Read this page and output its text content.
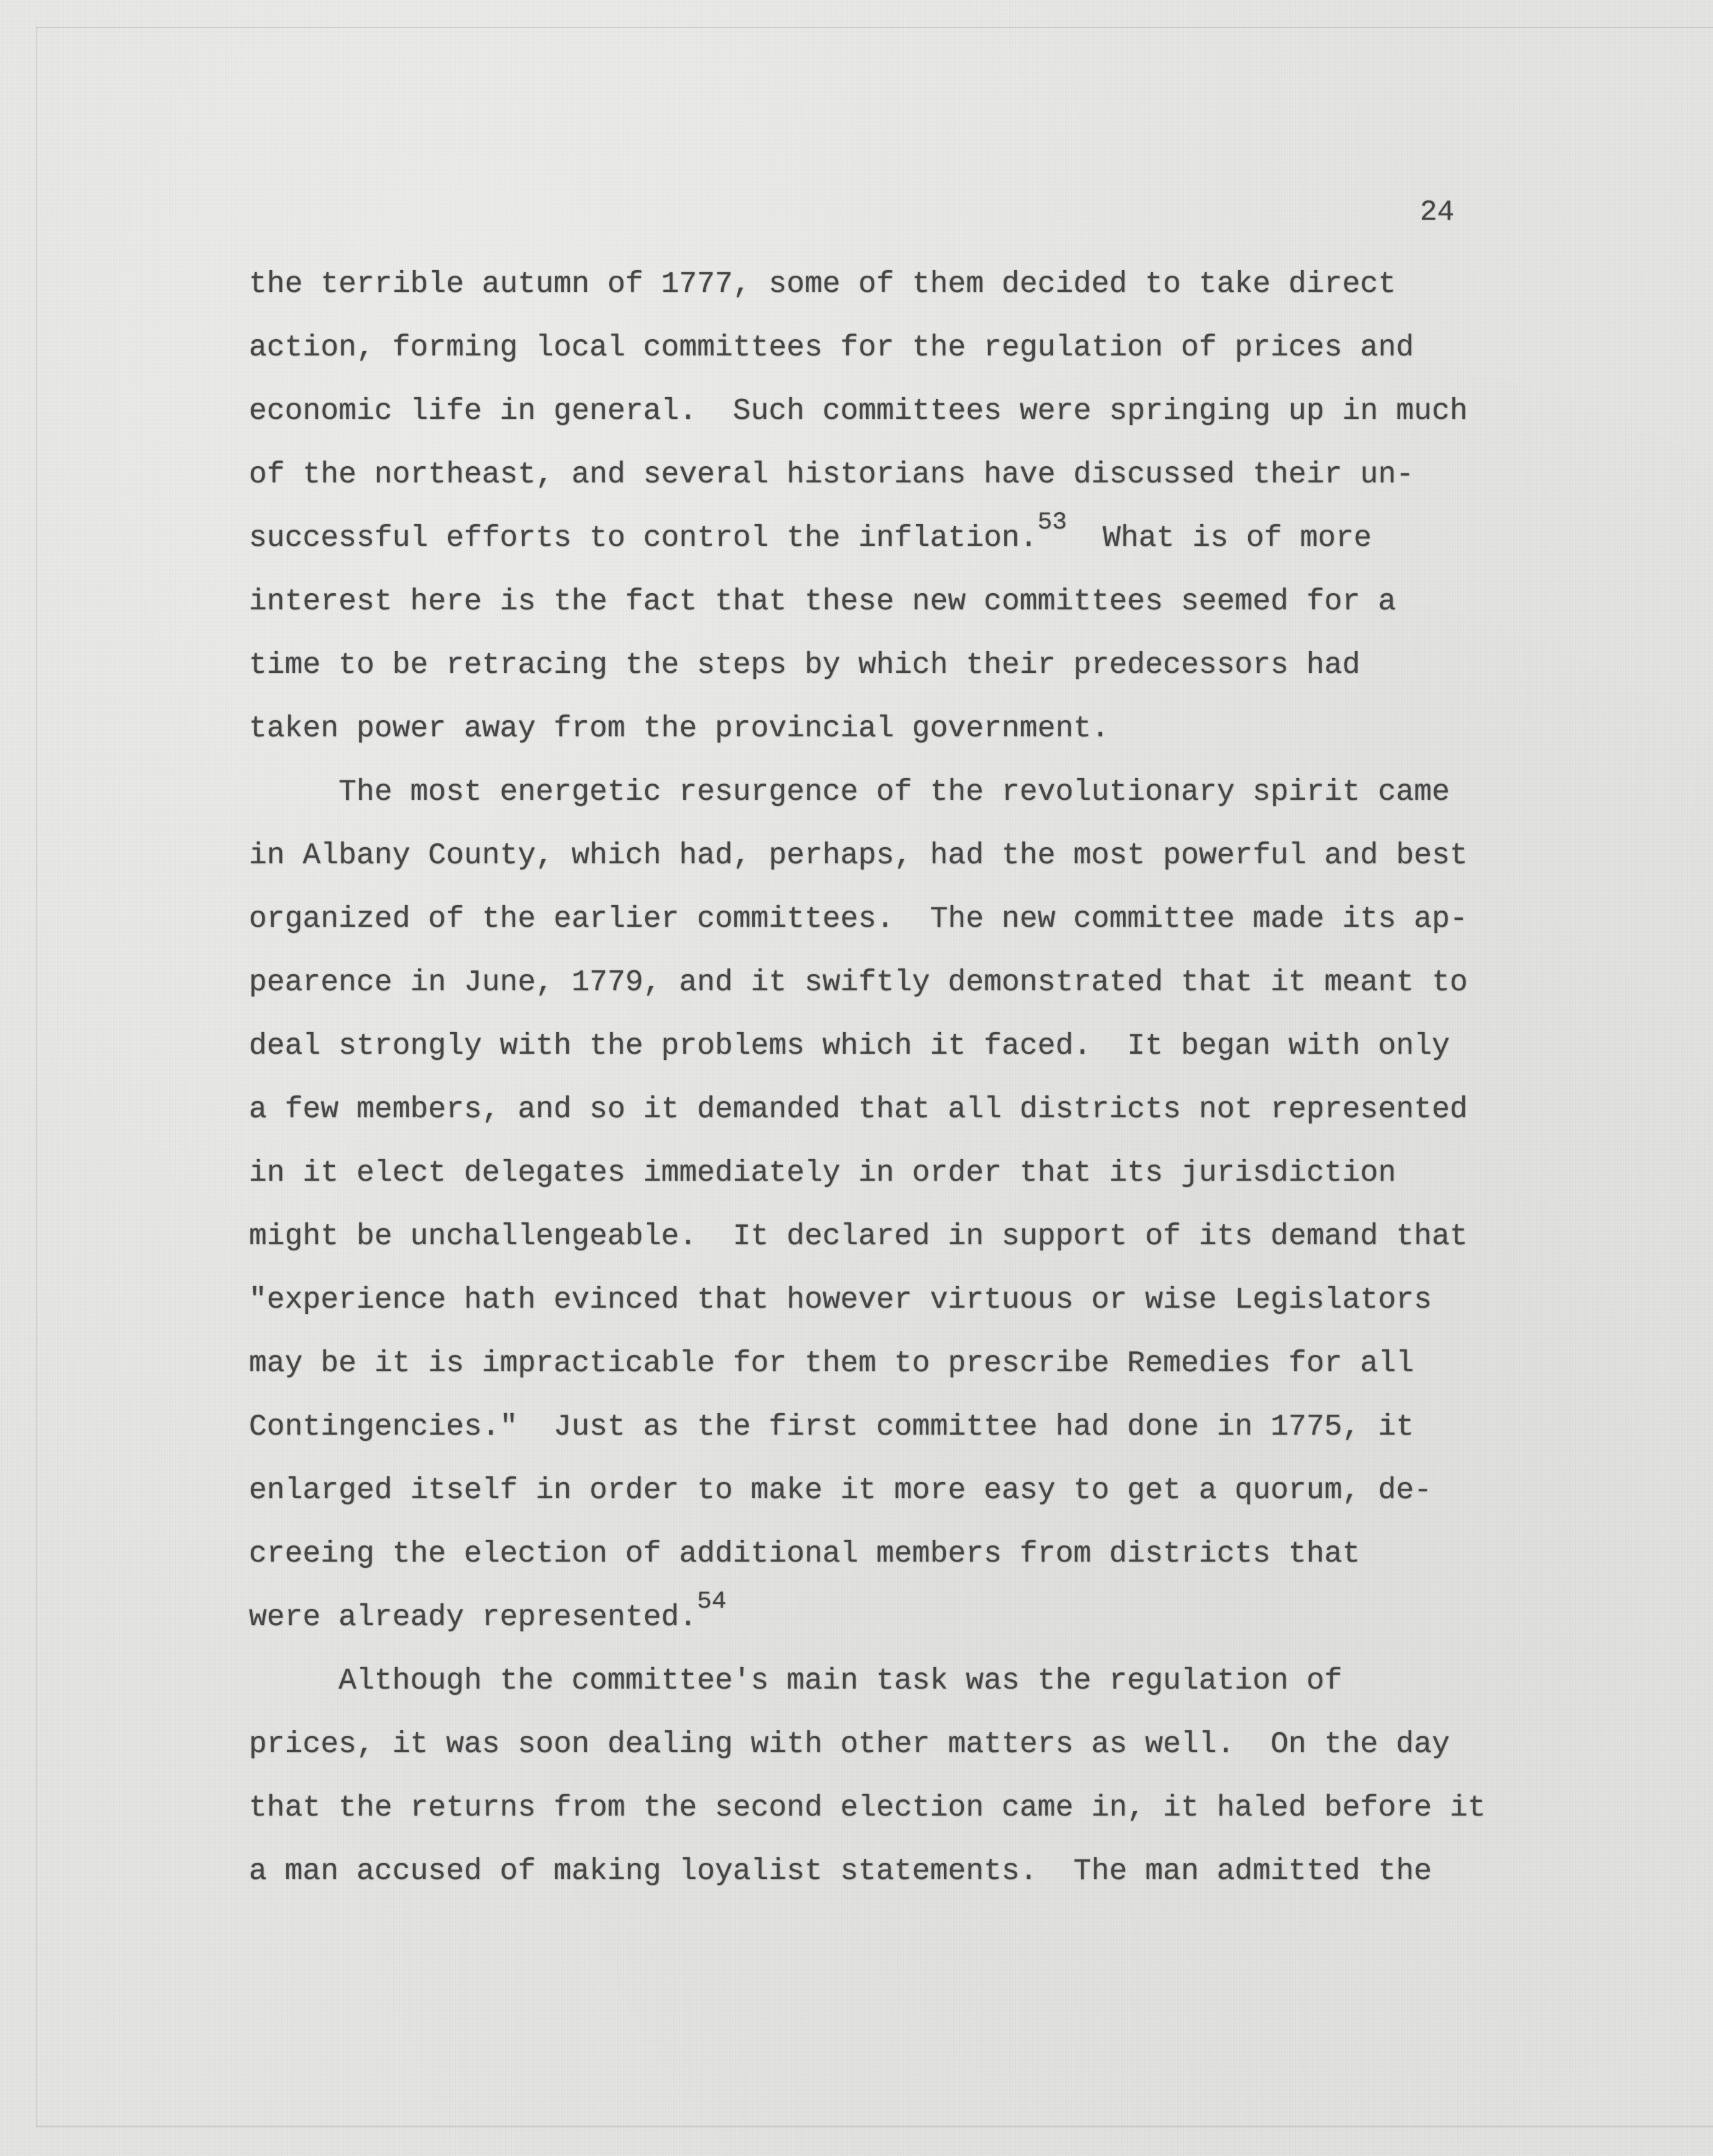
24
the terrible autumn of 1777, some of them decided to take direct
action, forming local committees for the regulation of prices and
economic life in general.  Such committees were springing up in much
of the northeast, and several historians have discussed their un-
successful efforts to control the inflation.53  What is of more
interest here is the fact that these new committees seemed for a
time to be retracing the steps by which their predecessors had
taken power away from the provincial government.
The most energetic resurgence of the revolutionary spirit came
in Albany County, which had, perhaps, had the most powerful and best
organized of the earlier committees.  The new committee made its ap-
pearence in June, 1779, and it swiftly demonstrated that it meant to
deal strongly with the problems which it faced.  It began with only
a few members, and so it demanded that all districts not represented
in it elect delegates immediately in order that its jurisdiction
might be unchallengeable.  It declared in support of its demand that
"experience hath evinced that however virtuous or wise Legislators
may be it is impracticable for them to prescribe Remedies for all
Contingencies."  Just as the first committee had done in 1775, it
enlarged itself in order to make it more easy to get a quorum, de-
creeing the election of additional members from districts that
were already represented.54
Although the committee's main task was the regulation of
prices, it was soon dealing with other matters as well.  On the day
that the returns from the second election came in, it haled before it
a man accused of making loyalist statements.  The man admitted the
